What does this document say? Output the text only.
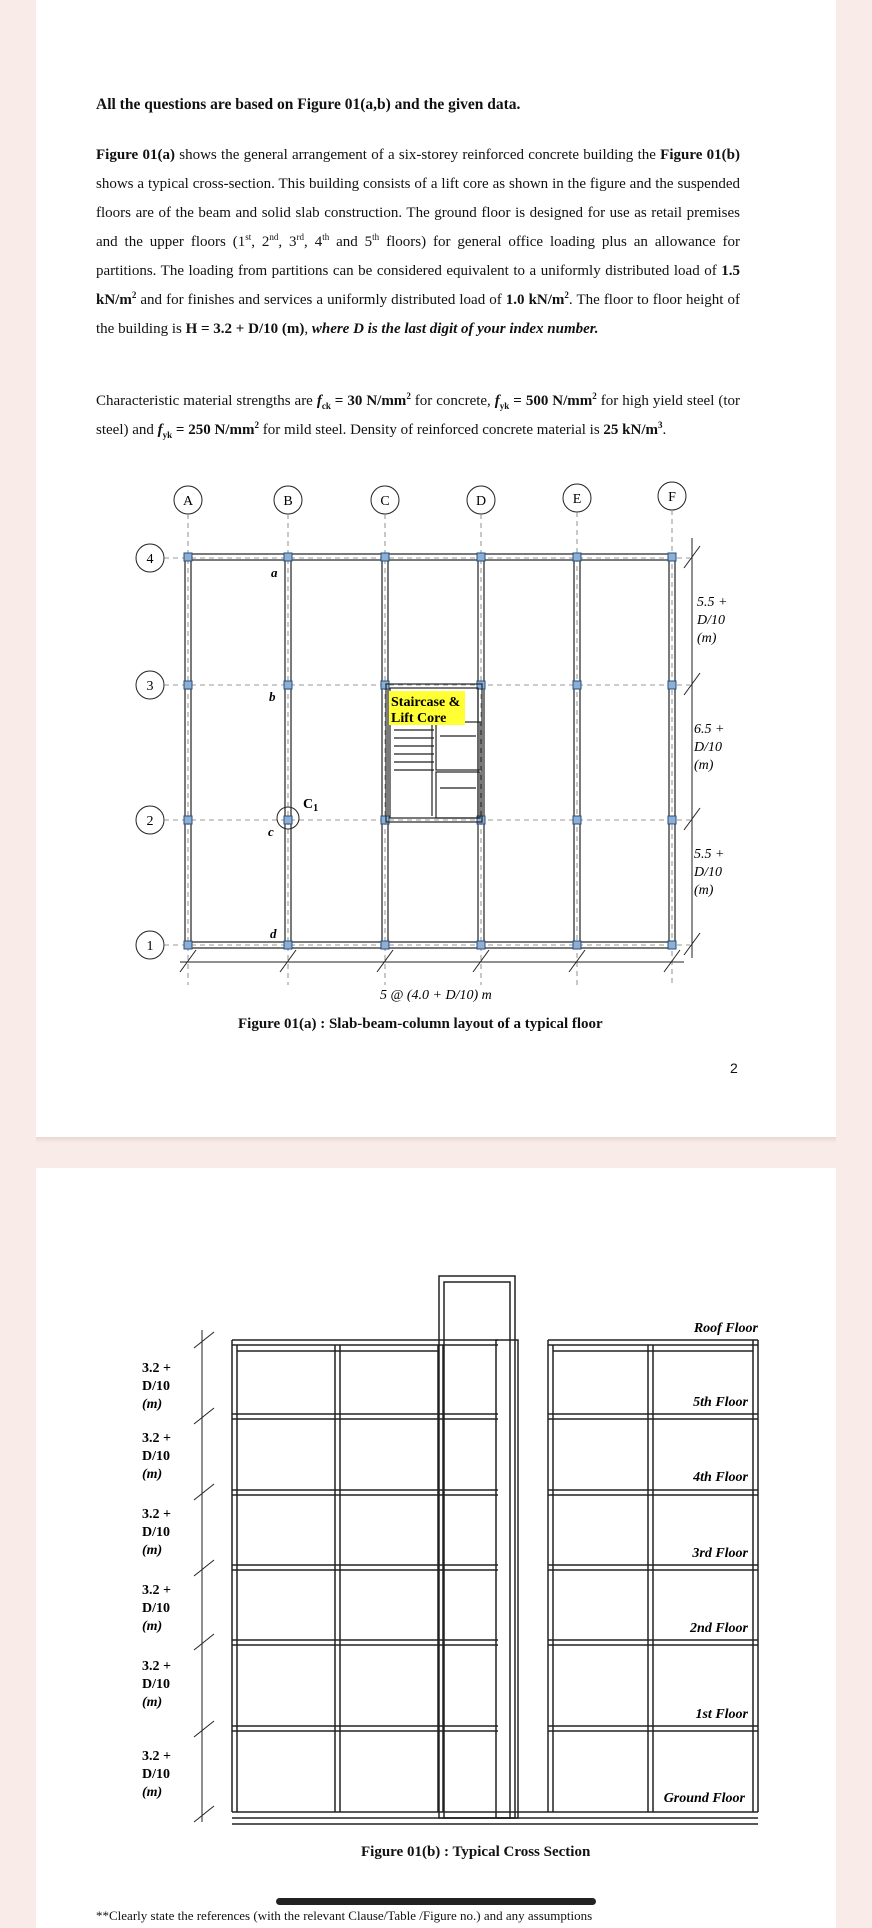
All the questions are based on Figure 01(a,b) and the given data.
Figure 01(a) shows the general arrangement of a six-storey reinforced concrete building the Figure 01(b) shows a typical cross-section. This building consists of a lift core as shown in the figure and the suspended floors are of the beam and solid slab construction. The ground floor is designed for use as retail premises and the upper floors (1st, 2nd, 3rd, 4th and 5th floors) for general office loading plus an allowance for partitions. The loading from partitions can be considered equivalent to a uniformly distributed load of 1.5 $kN/m^2$ and for finishes and services a uniformly distributed load of 1.0 $kN/m^2$. The floor to floor height of the building is H = 3.2 + D/10 (m), where D is the last digit of your index number.
Characteristic material strengths are $f_{ck} = 30$ $N/mm^2$ for concrete, $f_{yk} = 500$ $N/mm^2$ for high yield steel (tor steel) and $f_{yk} = 250$ $N/mm^2$ for mild steel. Density of reinforced concrete material is 25 $kN/m^3$.
Staircase &
Lift Core
A	B	C	D	E	F
4
3
2
1
a
b
c
d
$C_1$
5.5 +
D/10
(m)
6.5 +
D/10
(m)
5.5 +
D/10
(m)
5 @ (4.0 + D/10) m
Roof Floor
5th Floor
4th Floor
3rd Floor
2nd Floor
1st Floor
Ground Floor
3.2 +
D/10
(m)
3.2 +
D/10
(m)
3.2 +
D/10
(m)
3.2 +
D/10
(m)
3.2 +
D/10
(m)
3.2 +
D/10
(m)
Figure 01(a) : Slab-beam-column layout of a typical floor
2
Figure 01(b) : Typical Cross Section
**Clearly state the references (with the relevant Clause/Table /Figure no.) and any assumptions
